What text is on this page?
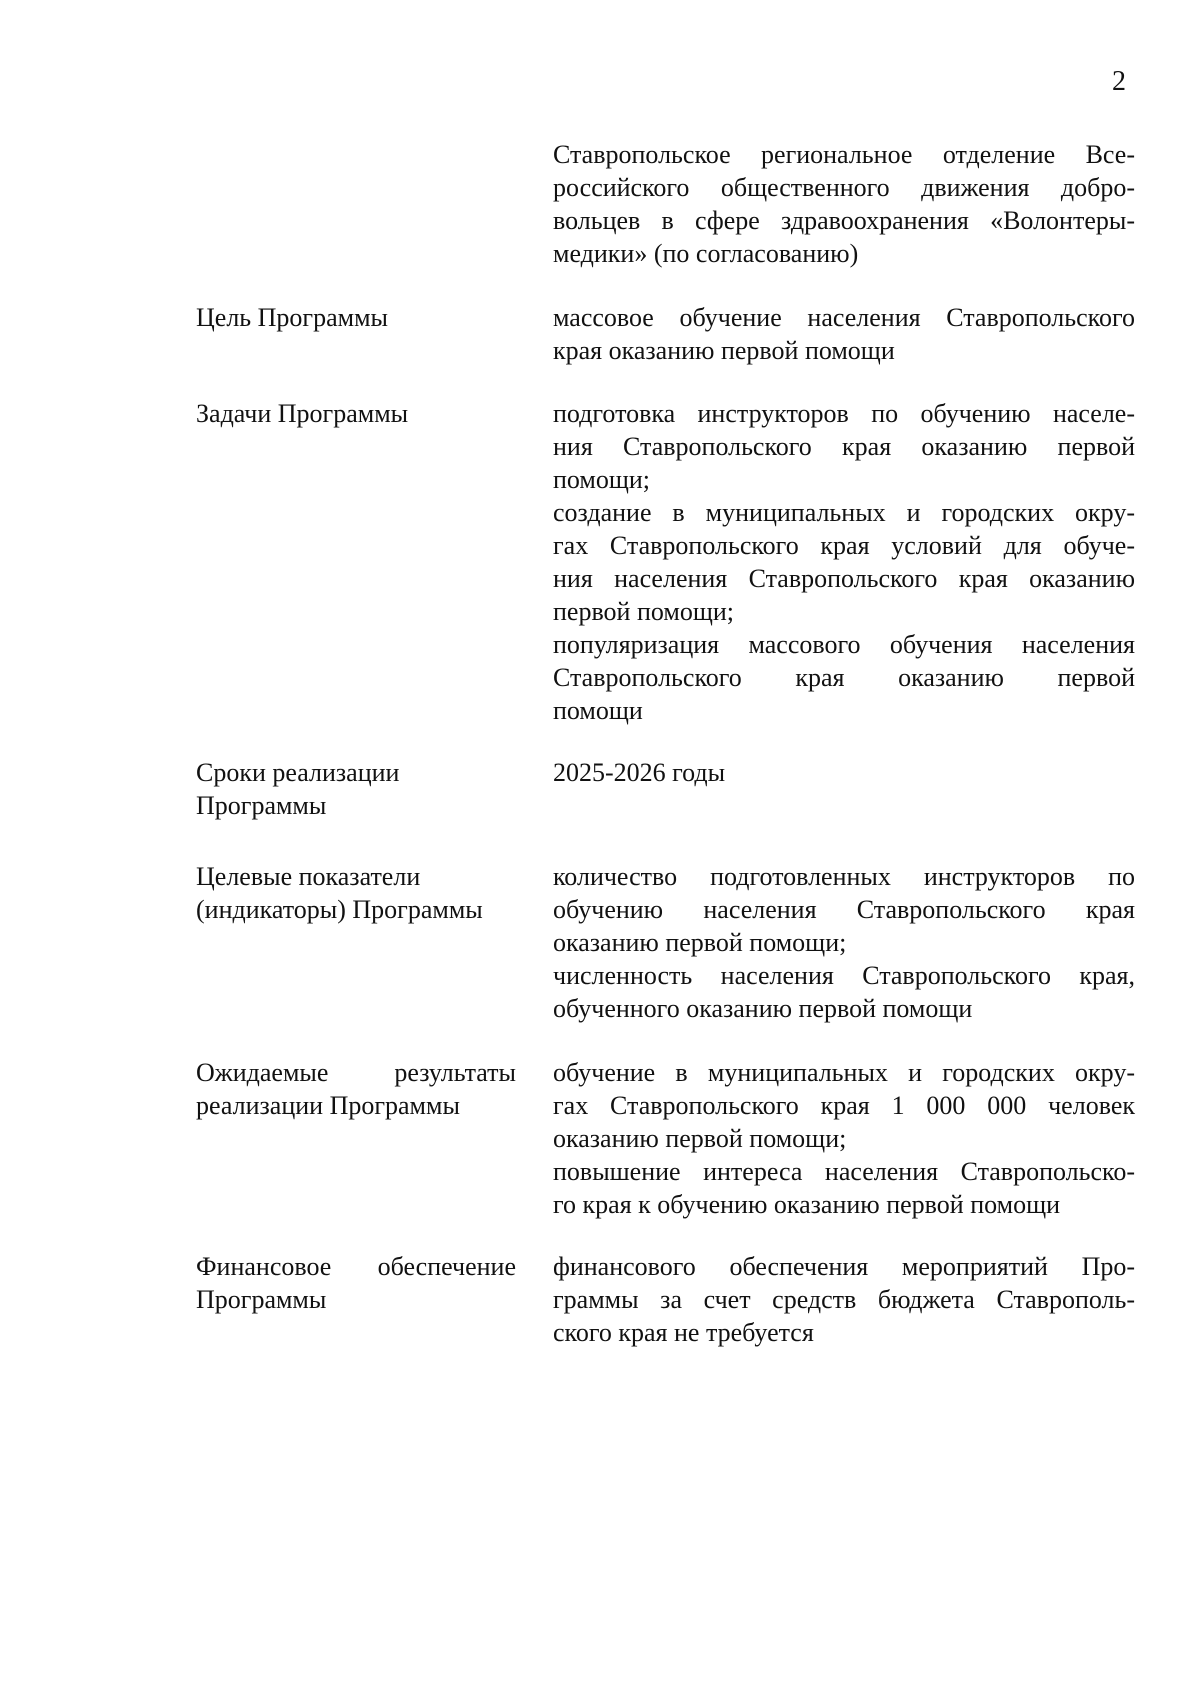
2
Ставропольское региональное отделение Все-
российского общественного движения добро-
вольцев в сфере здравоохранения «Волонтеры-
медики» (по согласованию)
Цель Программы	массовое обучение населения Ставропольского
края оказанию первой помощи
Задачи Программы	подготовка инструкторов по обучению населе-
ния Ставропольского края оказанию первой
помощи;
создание в муниципальных и городских окру-
гах Ставропольского края условий для обуче-
ния населения Ставропольского края оказанию
первой помощи;
популяризация массового обучения населения
Ставропольского края оказанию первой
помощи
Сроки реализации
Программы
2025-2026 годы
Целевые показатели
(индикаторы) Программы
количество подготовленных инструкторов по
обучению населения Ставропольского края
оказанию первой помощи;
численность населения Ставропольского края,
обученного оказанию первой помощи
Ожидаемые результаты
реализации Программы
обучение в муниципальных и городских окру-
гах Ставропольского края 1 000 000 человек
оказанию первой помощи;
повышение интереса населения Ставропольско-
го края к обучению оказанию первой помощи
Финансовое обеспечение
Программы
финансового обеспечения мероприятий Про-
граммы за счет средств бюджета Ставрополь-
ского края не требуется
